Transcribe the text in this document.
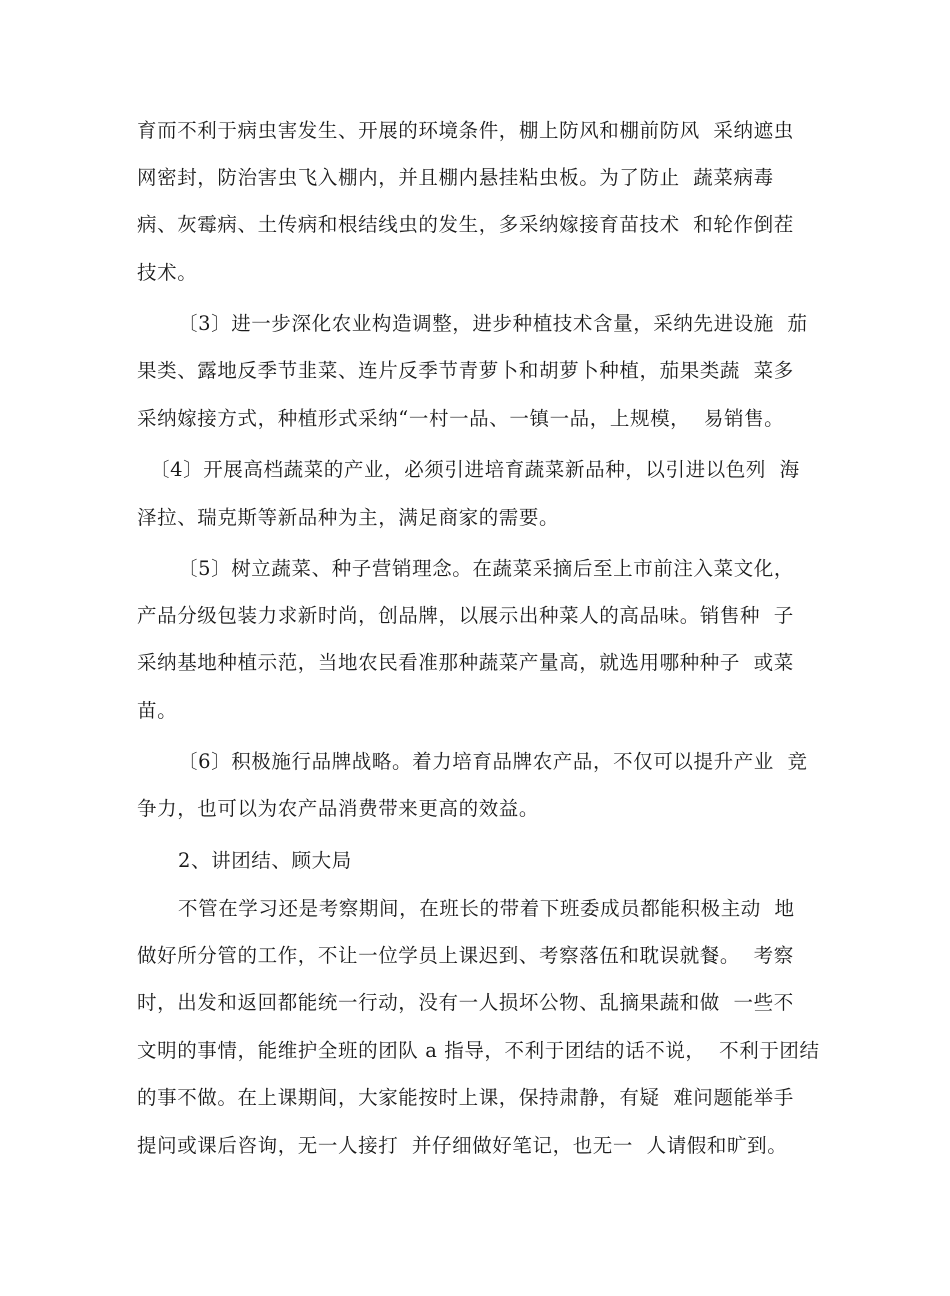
育而不利于病虫害发生、开展的环境条件，棚上防风和棚前防风  采纳遮虫
网密封，防治害虫飞入棚内，并且棚内悬挂粘虫板。为了防止  蔬菜病毒
病、灰霉病、土传病和根结线虫的发生，多采纳嫁接育苗技术  和轮作倒茬
技术。
〔3〕进一步深化农业构造调整，进步种植技术含量，采纳先进设施  茄
果类、露地反季节韭菜、连片反季节青萝卜和胡萝卜种植，茄果类蔬  菜多
采纳嫁接方式，种植形式采纳“一村一品、一镇一品，上规模，  易销售。
〔4〕开展高档蔬菜的产业，必须引进培育蔬菜新品种，以引进以色列  海
泽拉、瑞克斯等新品种为主，满足商家的需要。
〔5〕树立蔬菜、种子营销理念。在蔬菜采摘后至上市前注入菜文化，
产品分级包装力求新时尚，创品牌，以展示出种菜人的高品味。销售种  子
采纳基地种植示范，当地农民看准那种蔬菜产量高，就选用哪种种子  或菜
苗。
〔6〕积极施行品牌战略。着力培育品牌农产品，不仅可以提升产业  竞
争力，也可以为农产品消费带来更高的效益。
2、讲团结、顾大局
不管在学习还是考察期间，在班长的带着下班委成员都能积极主动  地
做好所分管的工作，不让一位学员上课迟到、考察落伍和耽误就餐。  考察
时，出发和返回都能统一行动，没有一人损坏公物、乱摘果蔬和做  一些不
文明的事情，能维护全班的团队 a 指导，不利于团结的话不说，  不利于团结
的事不做。在上课期间，大家能按时上课，保持肃静，有疑  难问题能举手
提问或课后咨询，无一人接打  并仔细做好笔记，也无一  人请假和旷到。
